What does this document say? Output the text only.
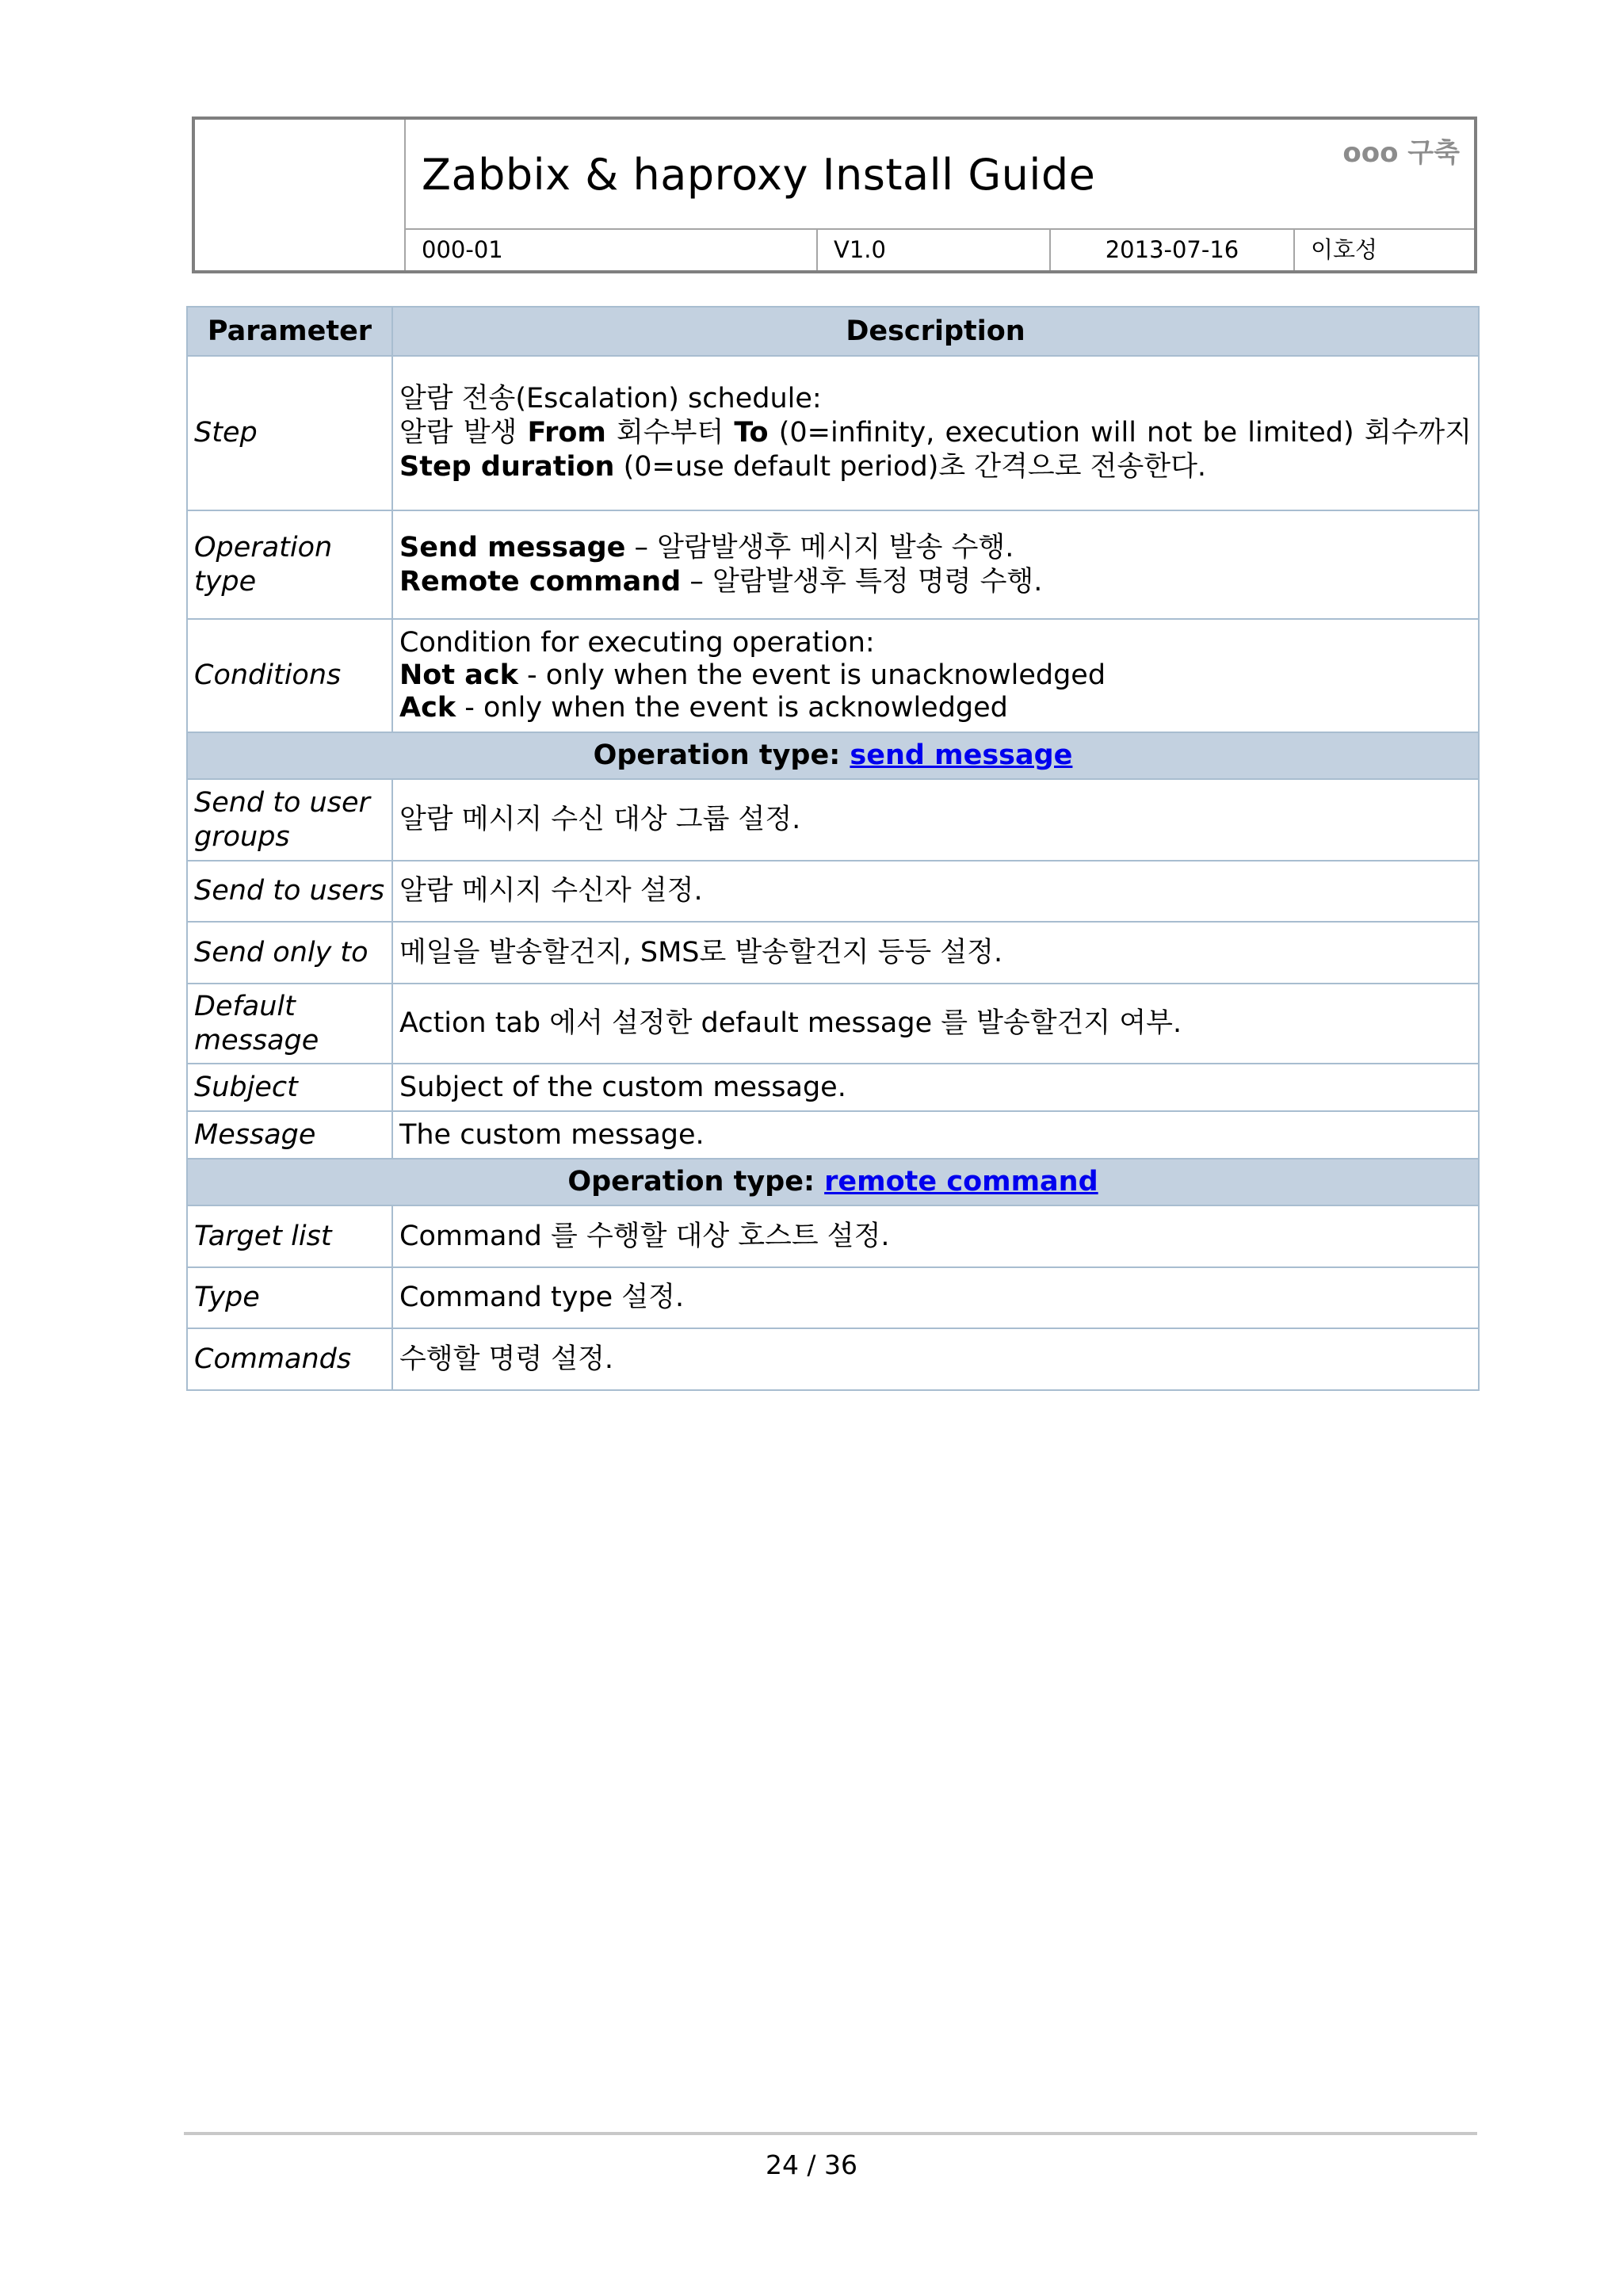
Zabbix & haproxy Install Guide	ooo 구축
000-01	V1.0	2013-07-16	이호성
Parameter	Description
Step	알람 전송(Escalation) schedule:
알람 발생 From 회수부터 To (0=infinity, execution will not be limited) 회수까지 Step duration (0=use default period)초 간격으로 전송한다.

Operation type	Send message – 알람발생후 메시지 발송 수행.
Remote command – 알람발생후 특정 명령 수행.

Conditions	Condition for executing operation:
Not ack - only when the event is unacknowledged
Ack - only when the event is acknowledged

Operation type: send message	
Send to user groups	알람 메시지 수신 대상 그룹 설정.
Send to users	알람 메시지 수신자 설정.
Send only to	메일을 발송할건지, SMS로 발송할건지 등등 설정.
Default message	Action tab 에서 설정한 default message 를 발송할건지 여부.
Subject	Subject of the custom message.
Message	The custom message.
Operation type: remote command	
Target list	Command 를 수행할 대상 호스트 설정.
Type	Command type 설정.
Commands	수행할 명령 설정.
24 / 36
